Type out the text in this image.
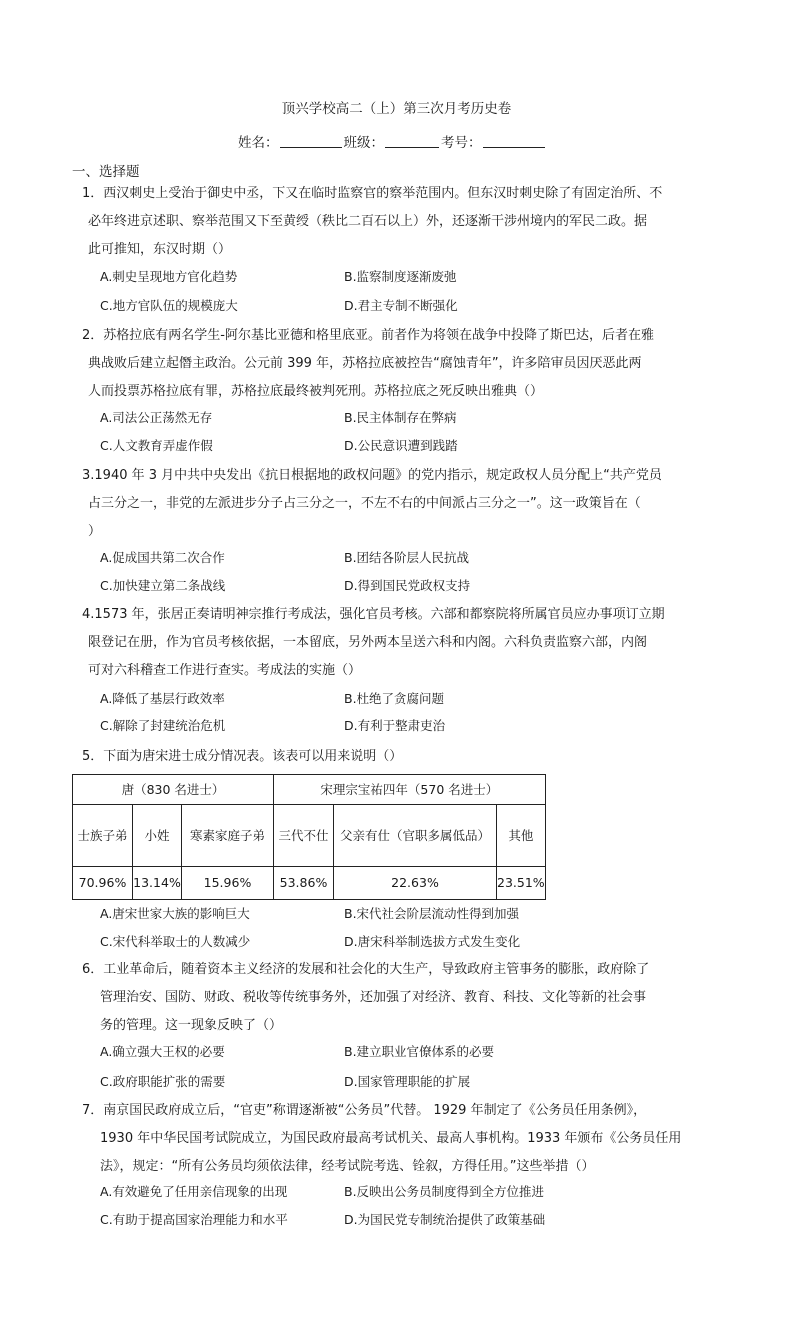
顶兴学校高二（上）第三次月考历史卷
姓名：	班级：	考号：
一、选择题
1．西汉刺史上受治于御史中丞，下又在临时监察官的察举范围内。但东汉时刺史除了有固定治所、不
必年终进京述职、察举范围又下至黄绶（秩比二百石以上）外，还逐渐干涉州境内的军民二政。据
此可推知，东汉时期（）
A.刺史呈现地方官化趋势	B.监察制度逐渐废弛
C.地方官队伍的规模庞大	D.君主专制不断强化
2．苏格拉底有两名学生-阿尔基比亚德和格里底亚。前者作为将领在战争中投降了斯巴达，后者在雅
典战败后建立起僭主政治。公元前 399 年，苏格拉底被控告“腐蚀青年”，许多陪审员因厌恶此两
人而投票苏格拉底有罪，苏格拉底最终被判死刑。苏格拉底之死反映出雅典（）
A.司法公正荡然无存	B.民主体制存在弊病
C.人文教育弄虚作假	D.公民意识遭到践踏
3.1940 年 3 月中共中央发出《抗日根据地的政权问题》的党内指示，规定政权人员分配上“共产党员
占三分之一，非党的左派进步分子占三分之一，不左不右的中间派占三分之一”。这一政策旨在（
）
A.促成国共第二次合作	B.团结各阶层人民抗战
C.加快建立第二条战线	D.得到国民党政权支持
4.1573 年，张居正奏请明神宗推行考成法，强化官员考核。六部和都察院将所属官员应办事项订立期
限登记在册，作为官员考核依据，一本留底，另外两本呈送六科和内阁。六科负责监察六部，内阁
可对六科稽查工作进行查实。考成法的实施（）
A.降低了基层行政效率	B.杜绝了贪腐问题
C.解除了封建统治危机	D.有利于整肃吏治
5．下面为唐宋进士成分情况表。该表可以用来说明（）
唐（830 名进士）			宋理宗宝祐四年（570 名进士）		
士族子弟	小姓	寒素家庭子弟	三代不仕	父亲有仕（官职多属低品）	其他
70.96%	13.14%	15.96%	53.86%	22.63%	23.51%
A.唐宋世家大族的影响巨大	B.宋代社会阶层流动性得到加强
C.宋代科举取士的人数减少	D.唐宋科举制选拔方式发生变化
6．工业革命后，随着资本主义经济的发展和社会化的大生产，导致政府主管事务的膨胀，政府除了
管理治安、国防、财政、税收等传统事务外，还加强了对经济、教育、科技、文化等新的社会事
务的管理。这一现象反映了（）
A.确立强大王权的必要	B.建立职业官僚体系的必要
C.政府职能扩张的需要	D.国家管理职能的扩展
7．南京国民政府成立后，“官吏”称谓逐渐被“公务员”代替。 1929 年制定了《公务员任用条例》，
1930 年中华民国考试院成立，为国民政府最高考试机关、最高人事机构。1933 年颁布《公务员任用
法》，规定：“所有公务员均须依法律，经考试院考选、铨叙，方得任用。”这些举措（）
A.有效避免了任用亲信现象的出现	B.反映出公务员制度得到全方位推进
C.有助于提高国家治理能力和水平	D.为国民党专制统治提供了政策基础
